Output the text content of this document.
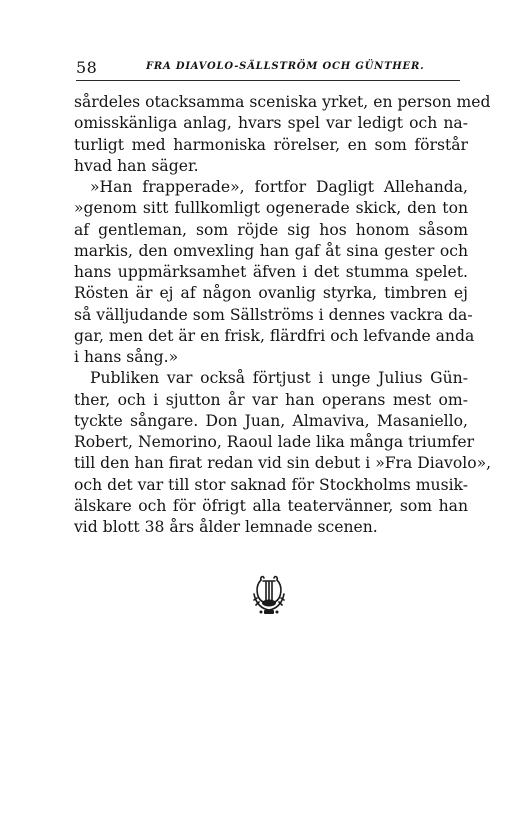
58	FRA DIAVOLO-SÄLLSTRÖM OCH GÜNTHER.
sårdeles otacksamma sceniska yrket, en person med
omisskänliga anlag, hvars spel var ledigt och na-
turligt med harmoniska rörelser, en som förstår
hvad han säger.
»Han frapperade», fortfor Dagligt Allehanda,
»genom sitt fullkomligt ogenerade skick, den ton
af gentleman, som röjde sig hos honom såsom
markis, den omvexling han gaf åt sina gester och
hans uppmärksamhet äfven i det stumma spelet.
Rösten är ej af någon ovanlig styrka, timbren ej
så välljudande som Sällströms i dennes vackra da-
gar, men det är en frisk, flärdfri och lefvande anda
i hans sång.»
Publiken var också förtjust i unge Julius Gün-
ther, och i sjutton år var han operans mest om-
tyckte sångare. Don Juan, Almaviva, Masaniello,
Robert, Nemorino, Raoul lade lika många triumfer
till den han firat redan vid sin debut i »Fra Diavolo»,
och det var till stor saknad för Stockholms musik-
älskare och för öfrigt alla teatervänner, som han
vid blott 38 års ålder lemnade scenen.
